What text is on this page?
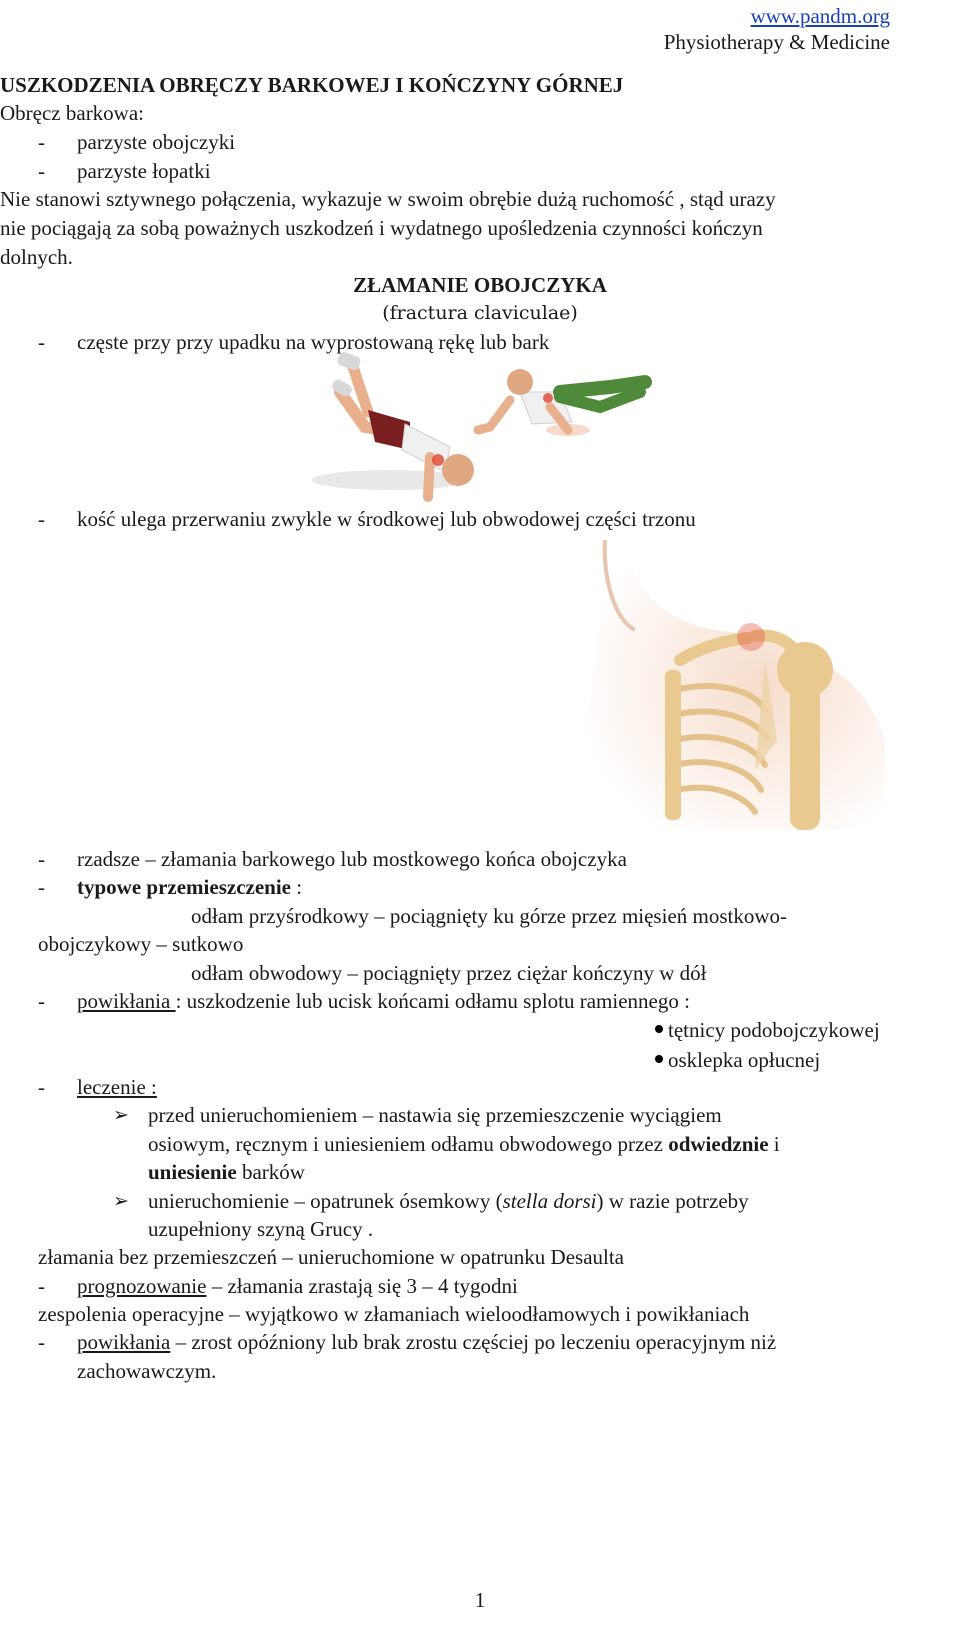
www.pandm.org
Physiotherapy & Medicine
USZKODZENIA OBRĘCZY BARKOWEJ I KOŃCZYNY GÓRNEJ
Obręcz barkowa:
- parzyste obojczyki
- parzyste łopatki
Nie stanowi sztywnego połączenia, wykazuje w swoim obrębie dużą ruchomość , stąd urazy
nie pociągają za sobą poważnych uszkodzeń i wydatnego upośledzenia czynności kończyn
dolnych.
ZŁAMANIE OBOJCZYKA
(fractura claviculae)
- częste przy przy upadku na wyprostowaną rękę lub bark
- kość ulega przerwaniu zwykle w środkowej lub obwodowej części trzonu
- rzadsze – złamania barkowego lub mostkowego końca obojczyka
- typowe przemieszczenie :
odłam przyśrodkowy – pociągnięty ku górze przez mięsień mostkowo-
obojczykowy – sutkowo
odłam obwodowy – pociągnięty przez ciężar kończyny w dół
- powikłania : uszkodzenie lub ucisk końcami odłamu splotu ramiennego :
tętnicy podobojczykowej
osklepka opłucnej
- leczenie :
➢ przed unieruchomieniem – nastawia się przemieszczenie wyciągiem
osiowym, ręcznym i uniesieniem odłamu obwodowego przez odwiedznie i
uniesienie barków
➢ unieruchomienie – opatrunek ósemkowy (stella dorsi) w razie potrzeby
uzupełniony szyną Grucy .
złamania bez przemieszczeń – unieruchomione w opatrunku Desaulta
- prognozowanie – złamania zrastają się 3 – 4 tygodni
zespolenia operacyjne – wyjątkowo w złamaniach wieloodłamowych i powikłaniach
- powikłania – zrost opóźniony lub brak zrostu częściej po leczeniu operacyjnym niż
zachowawczym.
1
